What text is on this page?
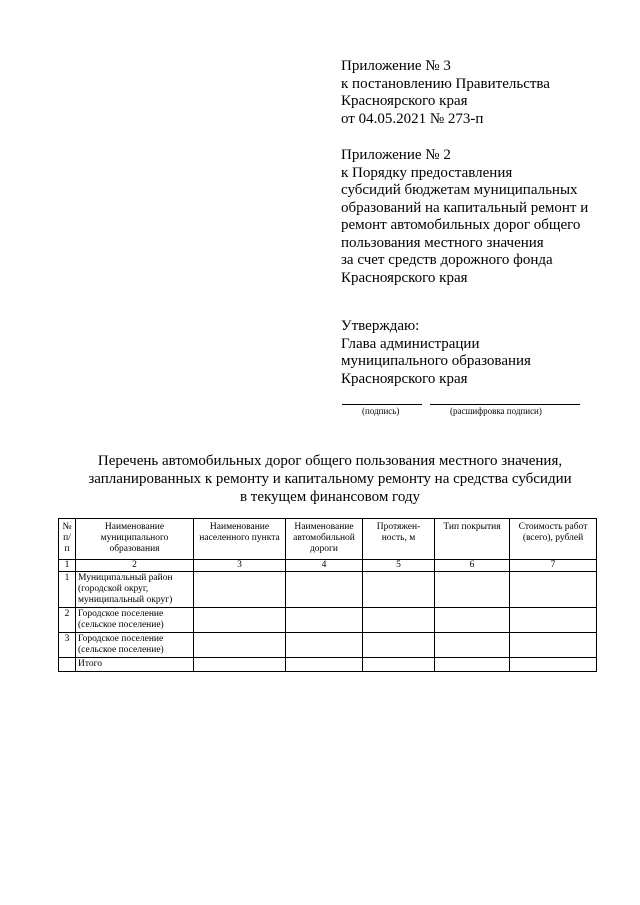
Приложение № 3
к постановлению Правительства
Красноярского края
от 04.05.2021 № 273-п
Приложение № 2
к Порядку предоставления
субсидий бюджетам муниципальных
образований на капитальный ремонт и
ремонт автомобильных дорог общего
пользования местного значения
за счет средств дорожного фонда
Красноярского края
Утверждаю:
Глава администрации
муниципального образования
Красноярского края
(подпись)	(расшифровка подписи)
Перечень автомобильных дорог общего пользования местного значения,
запланированных к ремонту и капитальному ремонту на средства субсидии
в текущем финансовом году
№ п/п	Наименование муниципального образования	Наименование населенного пункта	Наименование автомобильной дороги	Протяжен-ность, м	Тип покрытия	Стоимость работ (всего), рублей
1	2	3	4	5	6	7
1	Муниципальный район (городской округ, муниципальный округ)					
2	Городское поселение (сельское поселение)					
3	Городское поселение (сельское поселение)					
	Итого					
